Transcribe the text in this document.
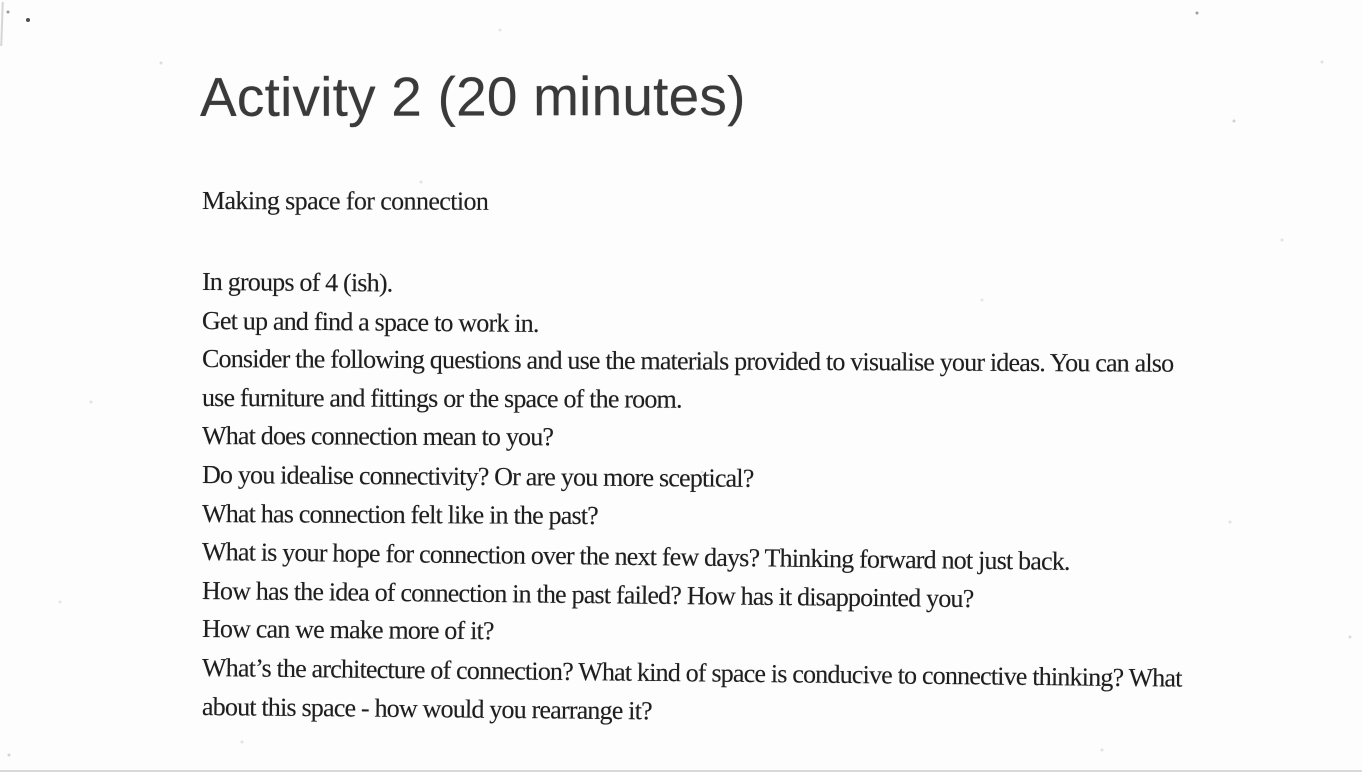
Activity 2 (20 minutes)
Making space for connection
In groups of 4 (ish).
Get up and find a space to work in.
Consider the following questions and use the materials provided to visualise your ideas. You can also
use furniture and fittings or the space of the room.
What does connection mean to you?
Do you idealise connectivity? Or are you more sceptical?
What has connection felt like in the past?
What is your hope for connection over the next few days? Thinking forward not just back.
How has the idea of connection in the past failed? How has it disappointed you?
How can we make more of it?
What’s the architecture of connection? What kind of space is conducive to connective thinking? What
about this space - how would you rearrange it?
